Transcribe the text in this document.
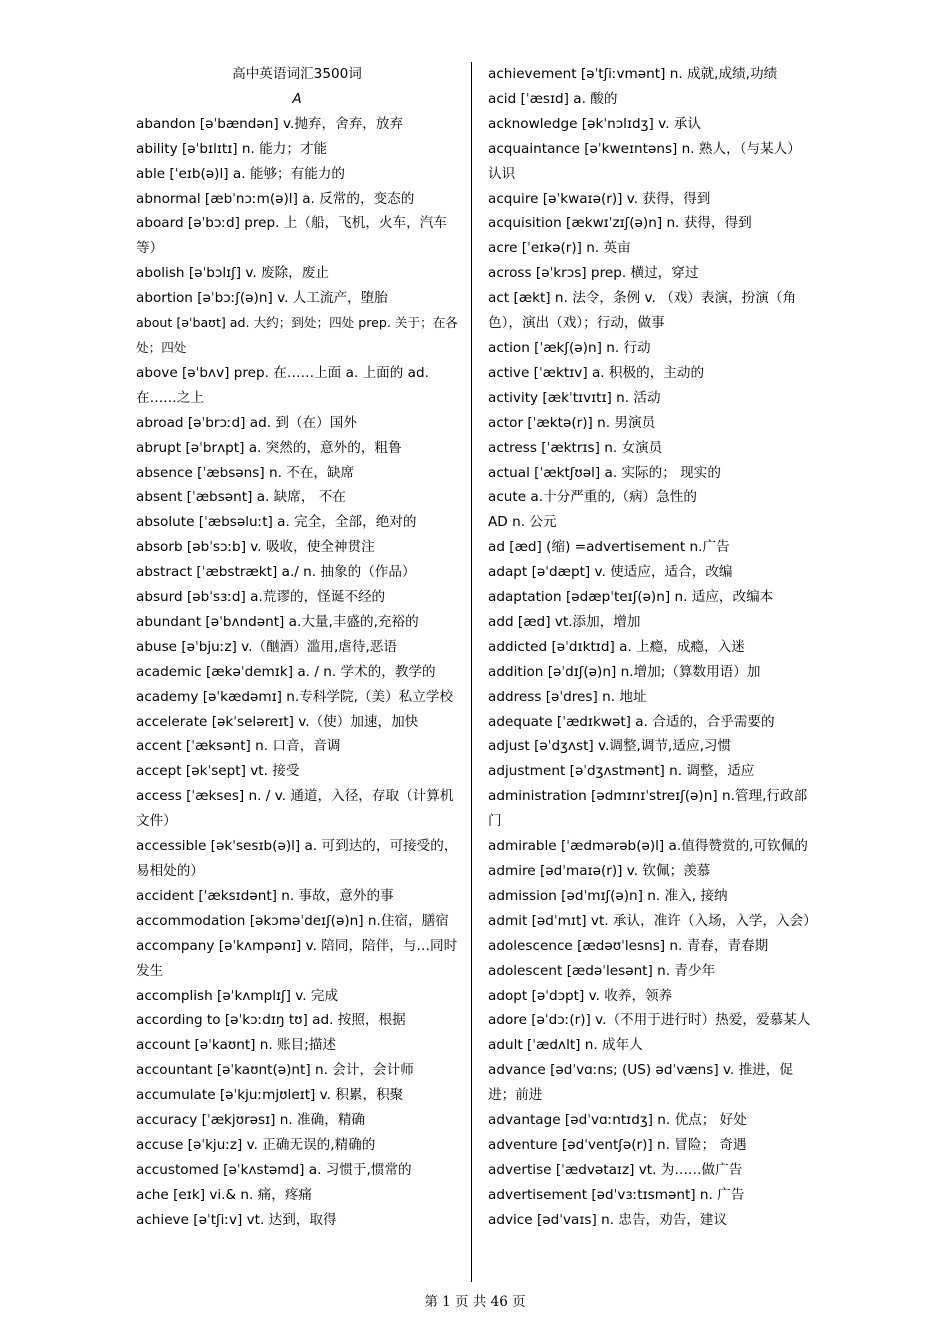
高中英语词汇3500词
A
abandon [əˈbændən] v.抛弃，舍弃，放弃
ability [əˈbɪlɪtɪ] n. 能力；才能
able [ˈeɪb(ə)l] a. 能够；有能力的
abnormal [æbˈnɔːm(ə)l] a. 反常的，变态的
aboard [əˈbɔːd] prep. 上（船，飞机，火车，汽车等）
abolish [əˈbɔlɪʃ] v. 废除，废止
abortion [əˈbɔːʃ(ə)n] v. 人工流产，堕胎
about [əˈbaʊt] ad. 大约；到处；四处 prep. 关于；在各处；四处
above [əˈbʌv] prep. 在……上面 a. 上面的 ad. 在……之上
abroad [əˈbrɔːd] ad. 到（在）国外
abrupt [əˈbrʌpt] a. 突然的，意外的，粗鲁
absence [ˈæbsəns] n. 不在，缺席
absent [ˈæbsənt] a. 缺席， 不在
absolute [ˈæbsəluːt] a. 完全，全部，绝对的
absorb [əbˈsɔːb] v. 吸收，使全神贯注
abstract [ˈæbstrækt] a./ n. 抽象的（作品）
absurd [əbˈsɜːd] a.荒谬的，怪诞不经的
abundant [əˈbʌndənt] a.大量,丰盛的,充裕的
abuse [əˈbjuːz] v.（酗酒）滥用,虐待,恶语
academic [ækəˈdemɪk] a. / n. 学术的，教学的
academy [əˈkædəmɪ] n.专科学院,（美）私立学校
accelerate [əkˈseləreɪt] v.（使）加速，加快
accent [ˈæksənt] n. 口音，音调
accept [əkˈsept] vt. 接受
access [ˈækses] n. / v. 通道，入径，存取（计算机文件）
accessible [əkˈsesɪb(ə)l] a. 可到达的，可接受的，易相处的）
accident [ˈæksɪdənt] n. 事故，意外的事
accommodation [əkɔməˈdeɪʃ(ə)n] n.住宿，膳宿
accompany [əˈkʌmpənɪ] v. 陪同，陪伴，与…同时发生
accomplish [əˈkʌmplɪʃ] v. 完成
according to [əˈkɔːdɪŋ tʊ] ad. 按照，根据
account [əˈkaʊnt] n. 账目;描述
accountant [əˈkaʊnt(ə)nt] n. 会计，会计师
accumulate [əˈkjuːmjʊleɪt] v. 积累，积聚
accuracy [ˈækjʊrəsɪ] n. 准确，精确
accuse [əˈkjuːz] v. 正确无误的,精确的
accustomed [əˈkʌstəmd] a. 习惯于,惯常的
ache [eɪk] vi.& n. 痛，疼痛
achieve [əˈtʃiːv] vt. 达到，取得
achievement [əˈtʃiːvmənt] n. 成就,成绩,功绩
acid [ˈæsɪd] a. 酸的
acknowledge [əkˈnɔlɪdʒ] v. 承认
acquaintance [əˈkweɪntəns] n. 熟人，（与某人）认识
acquire [əˈkwaɪə(r)] v. 获得，得到
acquisition [ækwɪˈzɪʃ(ə)n] n. 获得，得到
acre [ˈeɪkə(r)] n. 英亩
across [əˈkrɔs] prep. 横过，穿过
act [ækt] n. 法令，条例 v. （戏）表演，扮演（角色），演出（戏）；行动，做事
action [ˈækʃ(ə)n] n. 行动
active [ˈæktɪv] a. 积极的，主动的
activity [ækˈtɪvɪtɪ] n. 活动
actor [ˈæktə(r)] n. 男演员
actress [ˈæktrɪs] n. 女演员
actual [ˈæktʃʊəl] a. 实际的； 现实的
acute a.十分严重的,（病）急性的
AD n. 公元
ad [æd] (缩) =advertisement n.广告
adapt [əˈdæpt] v. 使适应，适合，改编
adaptation [ədæpˈteɪʃ(ə)n] n. 适应，改编本
add [æd] vt.添加，增加
addicted [əˈdɪktɪd] a. 上瘾，成瘾，入迷
addition [əˈdɪʃ(ə)n] n.增加;（算数用语）加
address [əˈdres] n. 地址
adequate [ˈædɪkwət] a. 合适的，合乎需要的
adjust [əˈdʒʌst] v.调整,调节,适应,习惯
adjustment [əˈdʒʌstmənt] n. 调整，适应
administration [ədmɪnɪˈstreɪʃ(ə)n] n.管理,行政部门
admirable [ˈædmərəb(ə)l] a.值得赞赏的,可钦佩的
admire [ədˈmaɪə(r)] v. 钦佩；羡慕
admission [ədˈmɪʃ(ə)n] n. 准入, 接纳
admit [ədˈmɪt] vt. 承认，准许（入场，入学，入会）
adolescence [ædəʊˈlesns] n. 青春，青春期
adolescent [ædəˈlesənt] n. 青少年
adopt [əˈdɔpt] v. 收养，领养
adore [əˈdɔː(r)] v.（不用于进行时）热爱，爱慕某人
adult [ˈædʌlt] n. 成年人
advance [ədˈvɑːns; (US) ədˈvæns] v. 推进，促进；前进
advantage [ədˈvɑːntɪdʒ] n. 优点； 好处
adventure [ədˈventʃə(r)] n. 冒险； 奇遇
advertise [ˈædvətaɪz] vt. 为……做广告
advertisement [ədˈvɜːtɪsmənt] n. 广告
advice [ədˈvaɪs] n. 忠告，劝告，建议
第 1 页 共 46 页
